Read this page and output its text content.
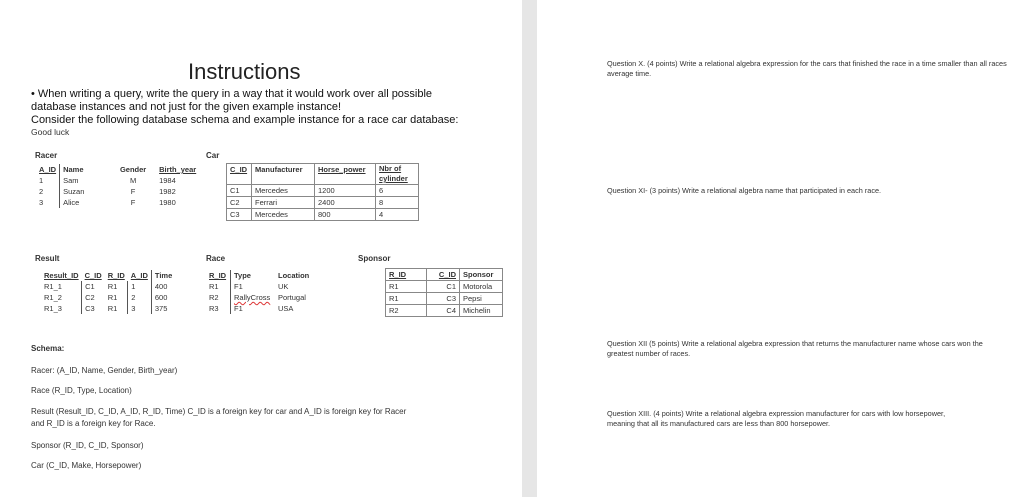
Instructions
• When writing a query, write the query in a way that it would work over all possible
database instances and not just for the given example instance!
Consider the following database schema and example instance for a race car database:
Good luck
Racer
A_ID	Name	Gender	Birth_year
1	Sam	M	1984
2	Suzan	F	1982
3	Alice	F	1980
Car
C_ID	Manufacturer	Horse_power	Nbr of cylinder
C1	Mercedes	1200	6
C2	Ferrari	2400	8
C3	Mercedes	800	4
Result
Result_ID	C_ID	R_ID	A_ID	Time
R1_1	C1	R1	1	400
R1_2	C2	R1	2	600
R1_3	C3	R1	3	375
Race
R_ID	Type	Location
R1	F1	UK
R2	RallyCross	Portugal
R3	F1	USA
Sponsor
R_ID	C_ID	Sponsor
R1	C1	Motorola
R1	C3	Pepsi
R2	C4	Michelin
Schema:
Racer: (A_ID, Name, Gender, Birth_year)
Race (R_ID, Type, Location)
Result (Result_ID, C_ID, A_ID, R_ID, Time) C_ID is a foreign key for car and A_ID is foreign key for Racer
and R_ID is a foreign key for Race.
Sponsor (R_ID, C_ID, Sponsor)
Car (C_ID, Make, Horsepower)
Question X. (4 points) Write a relational algebra expression for the cars that finished the race in a time smaller than all races average time.
Question XI- (3 points) Write a relational algebra name that participated in each race.
Question XII (5 points) Write a relational algebra expression that returns the manufacturer name whose cars won the greatest number of races.
Question XIII. (4 points) Write a relational algebra expression manufacturer for cars with low horsepower, meaning that all its manufactured cars are less than 800 horsepower.
